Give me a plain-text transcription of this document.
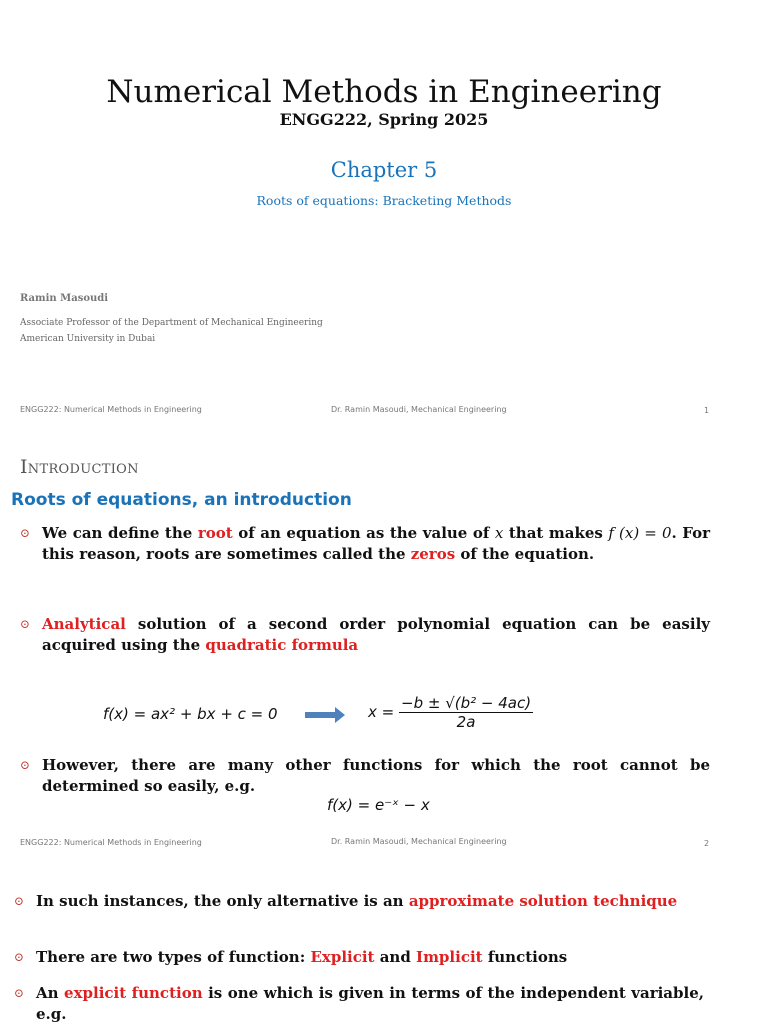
Numerical Methods in Engineering
ENGG222, Spring 2025
Chapter 5
Roots of equations: Bracketing Methods
Ramin Masoudi
Associate Professor of the Department of Mechanical Engineering
American University in Dubai
ENGG222: Numerical Methods in Engineering	Dr. Ramin Masoudi, Mechanical Engineering	1
Introduction
Roots of equations, an introduction
⊙ We can define the root of an equation as the value of x that makes f (x) = 0. For this reason, roots are sometimes called the zeros of the equation.
⊙ Analytical solution of a second order polynomial equation can be easily acquired using the quadratic formula
f(x) = ax² + bx + c = 0	$x = \frac{\text{−b ± √(b² − 4ac)}}{2a}$
⊙ However, there are many other functions for which the root cannot be determined so easily, e.g.
f(x) = e⁻ˣ − x
ENGG222: Numerical Methods in Engineering	Dr. Ramin Masoudi, Mechanical Engineering	2
⊙ In such instances, the only alternative is an approximate solution technique
⊙ There are two types of function: Explicit and Implicit functions
⊙ An explicit function is one which is given in terms of the independent variable, e.g.
